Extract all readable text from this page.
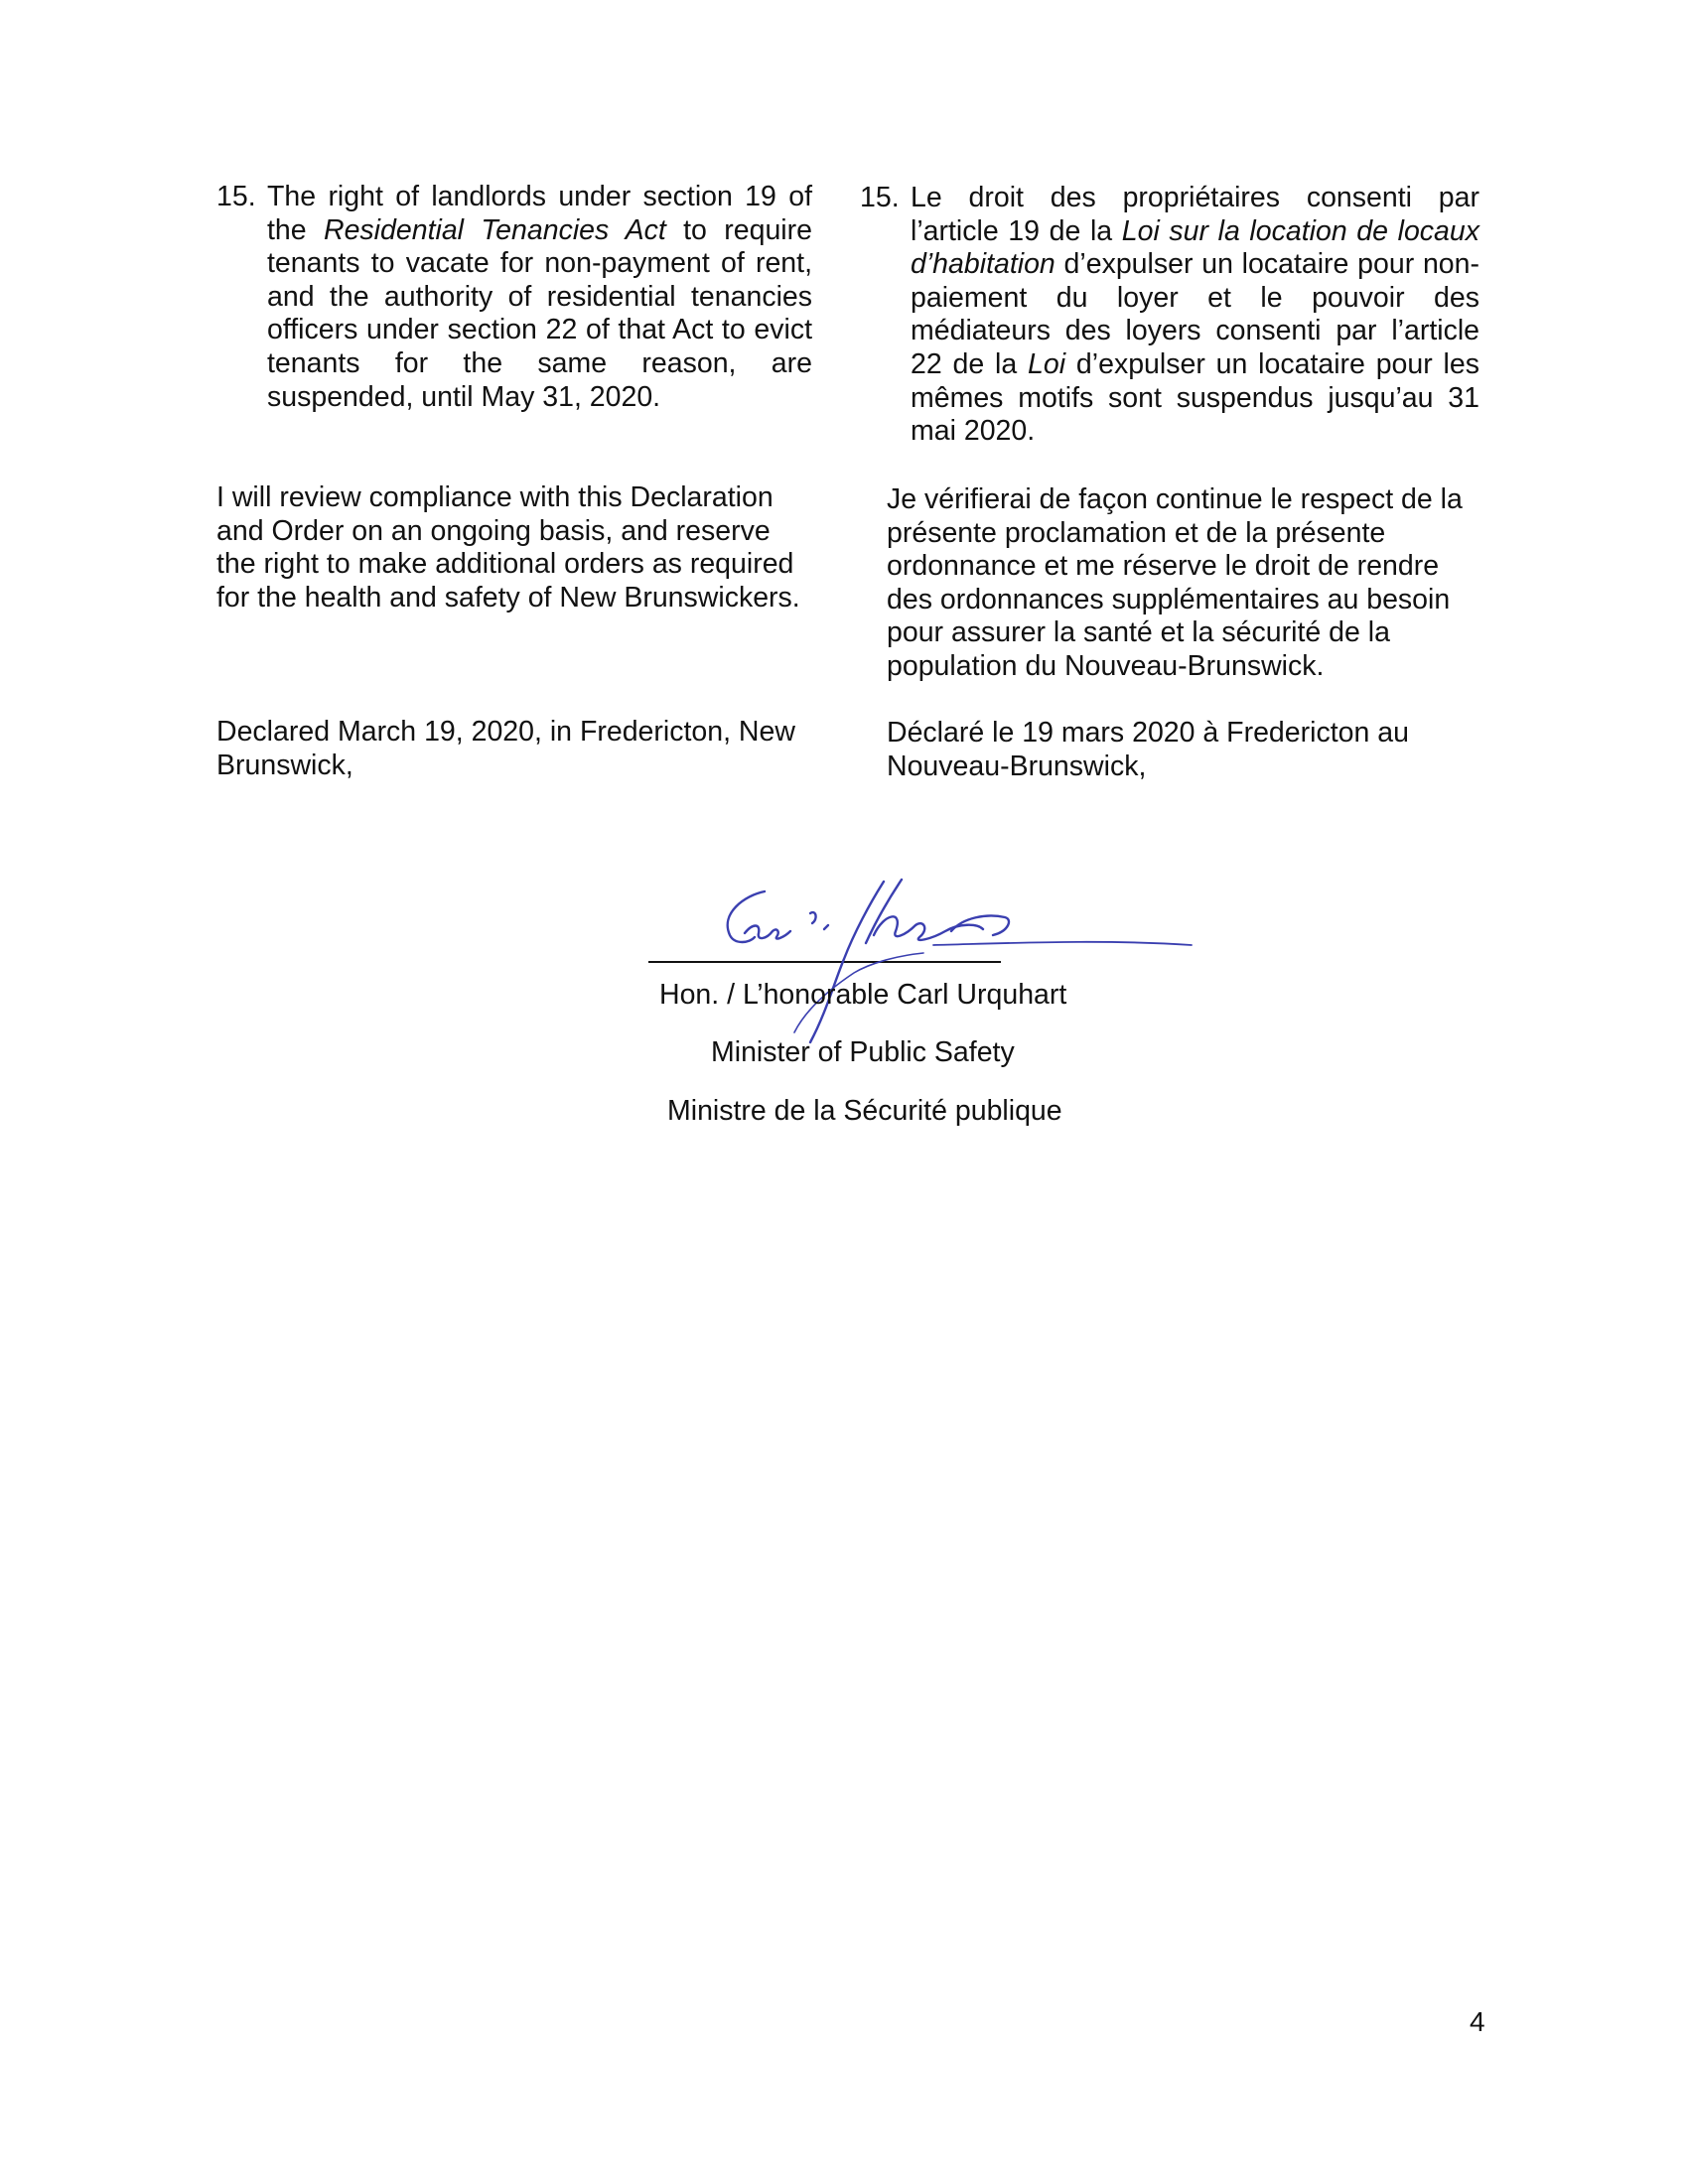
15. The right of landlords under section 19 of the Residential Tenancies Act to require tenants to vacate for non-payment of rent, and the authority of residential tenancies officers under section 22 of that Act to evict tenants for the same reason, are suspended, until May 31, 2020.
I will review compliance with this Declaration and Order on an ongoing basis, and reserve the right to make additional orders as required for the health and safety of New Brunswickers.
Declared March 19, 2020, in Fredericton, New Brunswick,
15. Le droit des propriétaires consenti par l’article 19 de la Loi sur la location de locaux d’habitation d’expulser un locataire pour non-paiement du loyer et le pouvoir des médiateurs des loyers consenti par l’article 22 de la Loi d’expulser un locataire pour les mêmes motifs sont suspendus jusqu’au 31 mai 2020.
Je vérifierai de façon continue le respect de la présente proclamation et de la présente ordonnance et me réserve le droit de rendre des ordonnances supplémentaires au besoin pour assurer la santé et la sécurité de la population du Nouveau-Brunswick.
Déclaré le 19 mars 2020 à Fredericton au Nouveau-Brunswick,
Hon. / L’honorable Carl Urquhart
Minister of Public Safety
Ministre de la Sécurité publique
4
